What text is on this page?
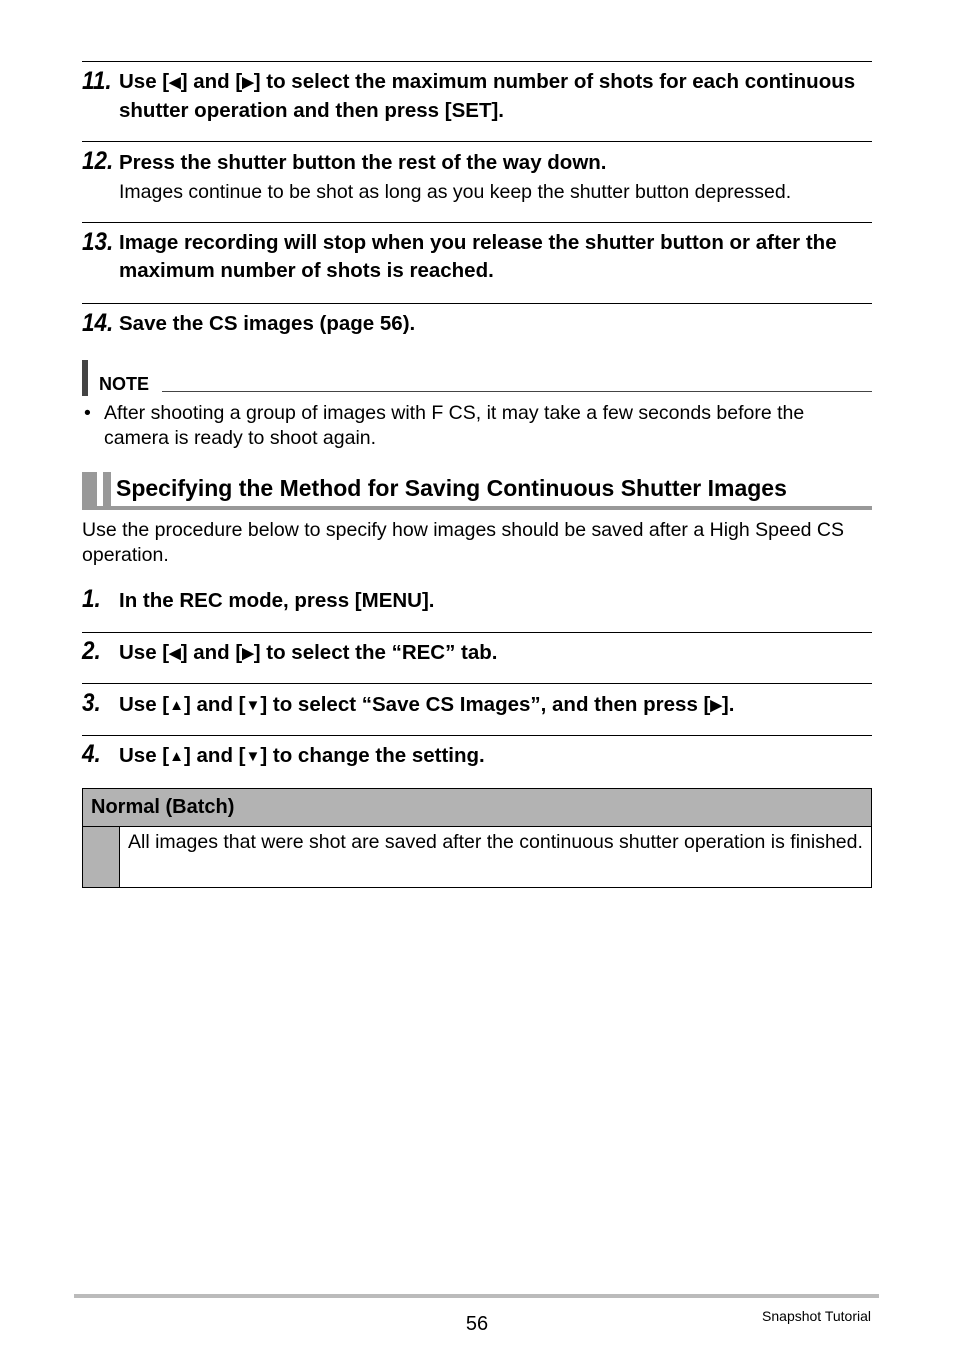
11. Use [◀] and [▶] to select the maximum number of shots for each continuous shutter operation and then press [SET].
12. Press the shutter button the rest of the way down.
Images continue to be shot as long as you keep the shutter button depressed.
13. Image recording will stop when you release the shutter button or after the maximum number of shots is reached.
14. Save the CS images (page 56).
NOTE
• After shooting a group of images with F CS, it may take a few seconds before the camera is ready to shoot again.
Specifying the Method for Saving Continuous Shutter Images
Use the procedure below to specify how images should be saved after a High Speed CS operation.
1. In the REC mode, press [MENU].
2. Use [◀] and [▶] to select the “REC” tab.
3. Use [▲] and [▼] to select “Save CS Images”, and then press [▶].
4. Use [▲] and [▼] to change the setting.
Normal (Batch)
All images that were shot are saved after the continuous shutter operation is finished.
56	Snapshot Tutorial
